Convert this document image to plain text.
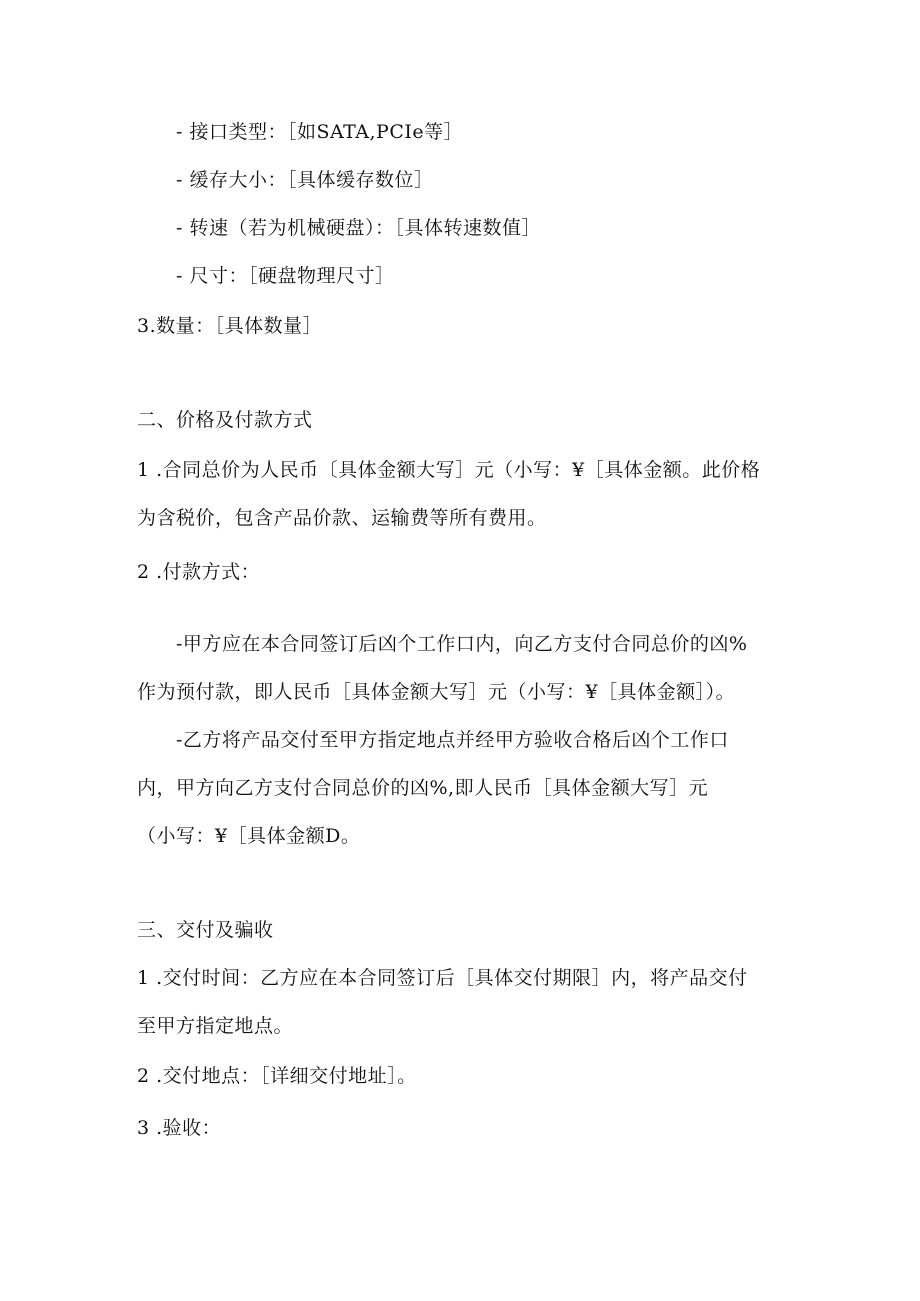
- 接口类型：［如SATA,PCIe等］
- 缓存大小：［具体缓存数位］
- 转速（若为机械硬盘）：［具体转速数值］
- 尺寸：［硬盘物理尺寸］
3.数量：［具体数量］
二、价格及付款方式
1 .合同总价为人民币〔具体金额大写］元（小写：¥［具体金额。此价格
为含税价，包含产品价款、运输费等所有费用。
2 .付款方式：
-甲方应在本合同签订后凶个工作口内，向乙方支付合同总价的凶%
作为预付款，即人民币［具体金额大写］元（小写：¥［具体金额］）。
-乙方将产品交付至甲方指定地点并经甲方验收合格后凶个工作口
内，甲方向乙方支付合同总价的凶%,即人民币［具体金额大写］元
（小写：¥［具体金额D。
三、交付及骗收
1 .交付时间：乙方应在本合同签订后［具体交付期限］内，将产品交付
至甲方指定地点。
2 .交付地点：［详细交付地址］。
3 .验收：
